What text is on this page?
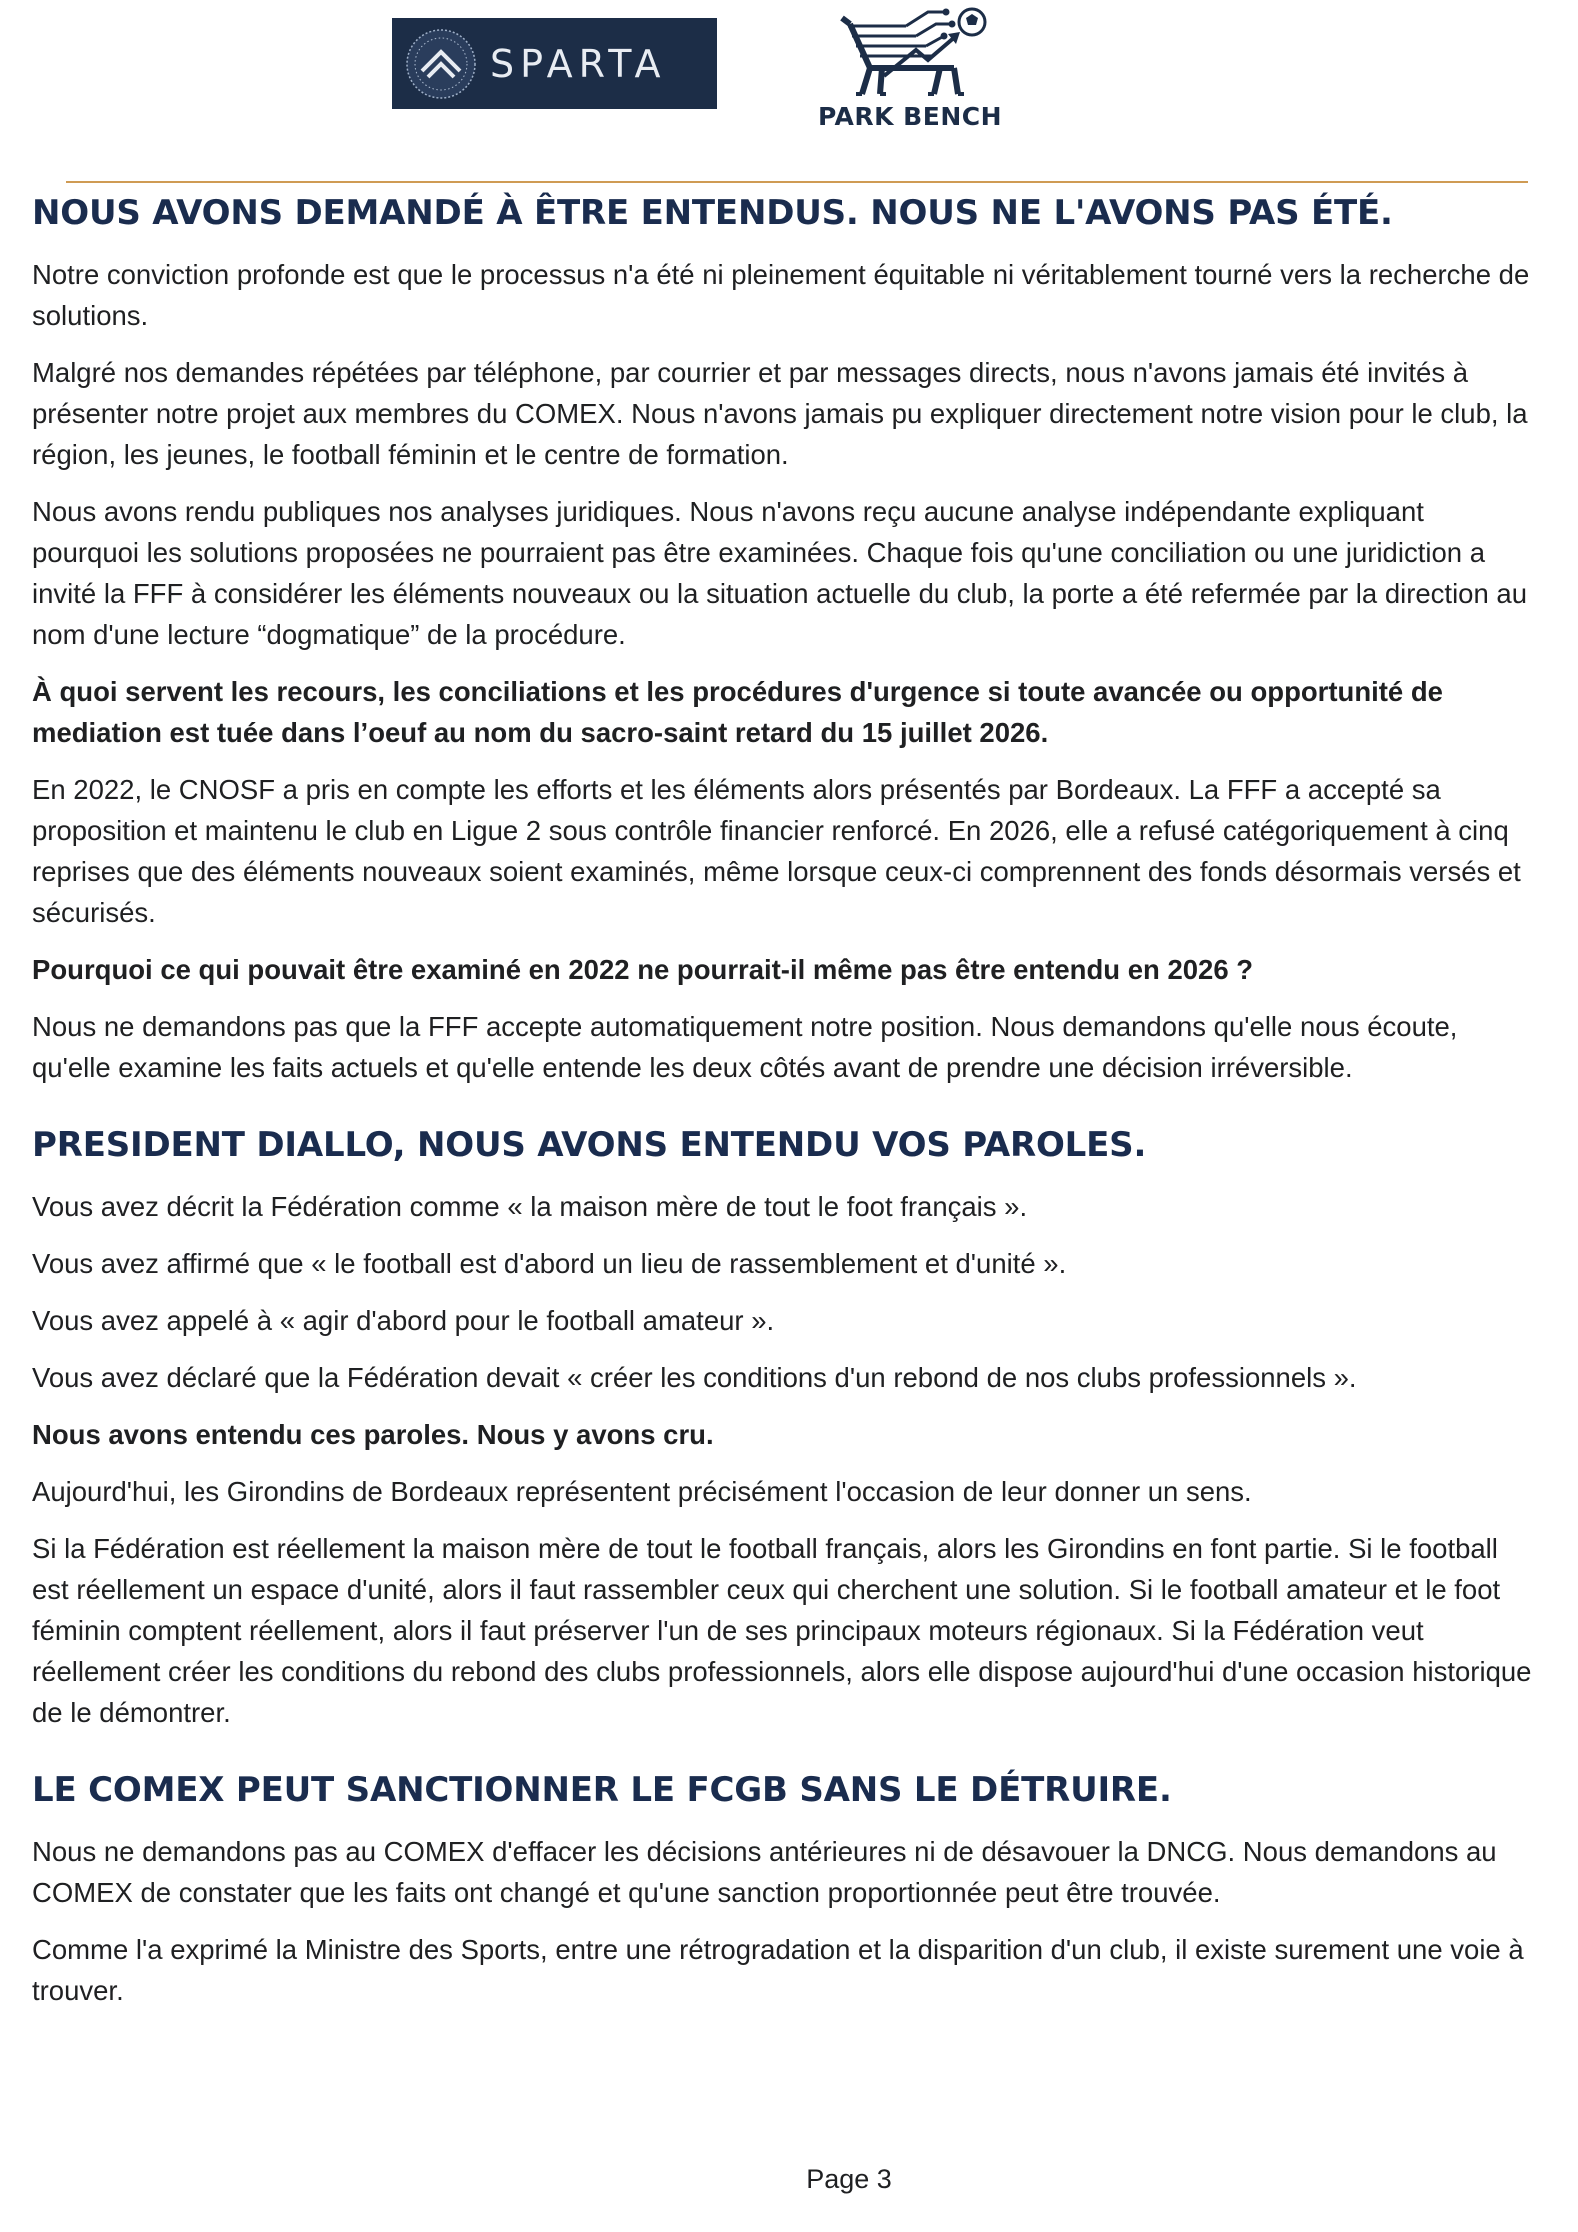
SPARTA
PARK BENCH
NOUS AVONS DEMANDÉ À ÊTRE ENTENDUS. NOUS NE L'AVONS PAS ÉTÉ.

Notre conviction profonde est que le processus n'a été ni pleinement équitable ni véritablement tourné vers la recherche de solutions.

Malgré nos demandes répétées par téléphone, par courrier et par messages directs, nous n'avons jamais été invités à présenter notre projet aux membres du COMEX. Nous n'avons jamais pu expliquer directement notre vision pour le club, la région, les jeunes, le football féminin et le centre de formation.

Nous avons rendu publiques nos analyses juridiques. Nous n'avons reçu aucune analyse indépendante expliquant pourquoi les solutions proposées ne pourraient pas être examinées. Chaque fois qu'une conciliation ou une juridiction a invité la FFF à considérer les éléments nouveaux ou la situation actuelle du club, la porte a été refermée par la direction au nom d'une lecture “dogmatique” de la procédure.

À quoi servent les recours, les conciliations et les procédures d'urgence si toute avancée ou opportunité de mediation est tuée dans l’oeuf au nom du sacro-saint retard du 15 juillet 2026.

En 2022, le CNOSF a pris en compte les efforts et les éléments alors présentés par Bordeaux. La FFF a accepté sa proposition et maintenu le club en Ligue 2 sous contrôle financier renforcé. En 2026, elle a refusé catégoriquement à cinq reprises que des éléments nouveaux soient examinés, même lorsque ceux-ci comprennent des fonds désormais versés et sécurisés.

Pourquoi ce qui pouvait être examiné en 2022 ne pourrait-il même pas être entendu en 2026 ?

Nous ne demandons pas que la FFF accepte automatiquement notre position. Nous demandons qu'elle nous écoute, qu'elle examine les faits actuels et qu'elle entende les deux côtés avant de prendre une décision irréversible.

PRESIDENT DIALLO, NOUS AVONS ENTENDU VOS PAROLES.

Vous avez décrit la Fédération comme « la maison mère de tout le foot français ».

Vous avez affirmé que « le football est d'abord un lieu de rassemblement et d'unité ».

Vous avez appelé à « agir d'abord pour le football amateur ».

Vous avez déclaré que la Fédération devait « créer les conditions d'un rebond de nos clubs professionnels ».

Nous avons entendu ces paroles. Nous y avons cru.

Aujourd'hui, les Girondins de Bordeaux représentent précisément l'occasion de leur donner un sens.

Si la Fédération est réellement la maison mère de tout le football français, alors les Girondins en font partie. Si le football est réellement un espace d'unité, alors il faut rassembler ceux qui cherchent une solution. Si le football amateur et le foot féminin comptent réellement, alors il faut préserver l'un de ses principaux moteurs régionaux. Si la Fédération veut réellement créer les conditions du rebond des clubs professionnels, alors elle dispose aujourd'hui d'une occasion historique de le démontrer.

LE COMEX PEUT SANCTIONNER LE FCGB SANS LE DÉTRUIRE.

Nous ne demandons pas au COMEX d'effacer les décisions antérieures ni de désavouer la DNCG. Nous demandons au COMEX de constater que les faits ont changé et qu'une sanction proportionnée peut être trouvée.

Comme l'a exprimé la Ministre des Sports, entre une rétrogradation et la disparition d'un club, il existe surement une voie à trouver.

Page 3
